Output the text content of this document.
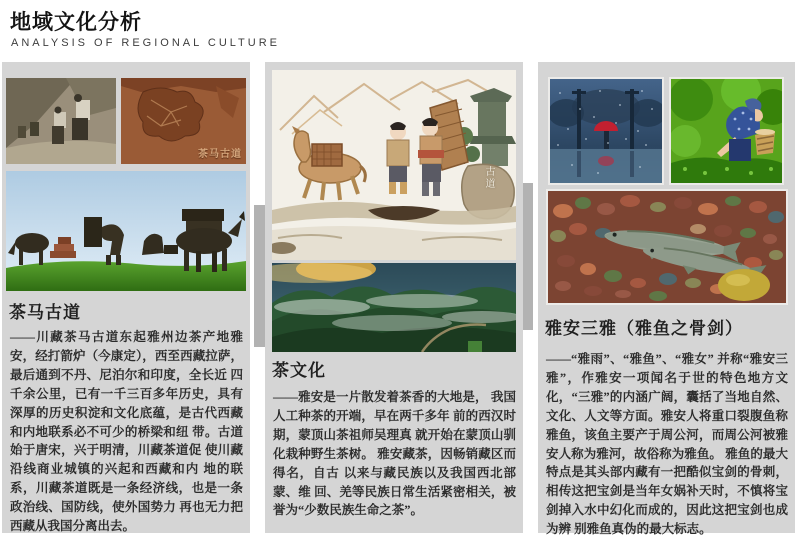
地域文化分析
ANALYSIS OF REGIONAL CULTURE
茶马古道
茶马古道
——川藏茶马古道东起雅州边茶产地雅安，经打箭炉（今康定），西至西藏拉萨，最后通到不丹、尼泊尔和印度，全长近 四千余公里，已有一千三百多年历史，具有深厚的历史积淀和文化底蕴，是古代西藏和内地联系必不可少的桥梁和纽 带。古道始于唐宋，兴于明清，川藏茶道促 使川藏沿线商业城镇的兴起和西藏和内 地的联系，川藏茶道既是一条经济线，也是一条政治线、国防线，使外国势力 再也无力把西藏从我国分离出去。
古道
茶文化
——雅安是一片散发着茶香的大地是， 我国人工种茶的开端，早在两千多年 前的西汉时期，蒙顶山茶祖师吴理真 就开始在蒙顶山驯化栽种野生茶树。 雅安藏茶，因畅销藏区而得名，自古 以来与藏民族以及我国西北部蒙、维 回、羌等民族日常生活紧密相关，被 誉为“少数民族生命之茶”。
雅安三雅（雅鱼之骨剑）
——“雅雨”、“雅鱼”、“雅女” 并称“雅安三雅”，作雅安一项闻名于世的特色地方文化，“三雅”的内涵广阔，囊括了当地自然、文化、人文等方面。雅安人将重口裂腹鱼称雅鱼，该鱼主要产于周公河，而周公河被雅安人称为雅河，故俗称为雅鱼。 雅鱼的最大特点是其头部内藏有一把酷似宝剑的骨刺，相传这把宝剑是当年女娲补天时，不慎将宝剑掉入水中幻化而成的，因此这把宝剑也成为辨 别雅鱼真伪的最大标志。
